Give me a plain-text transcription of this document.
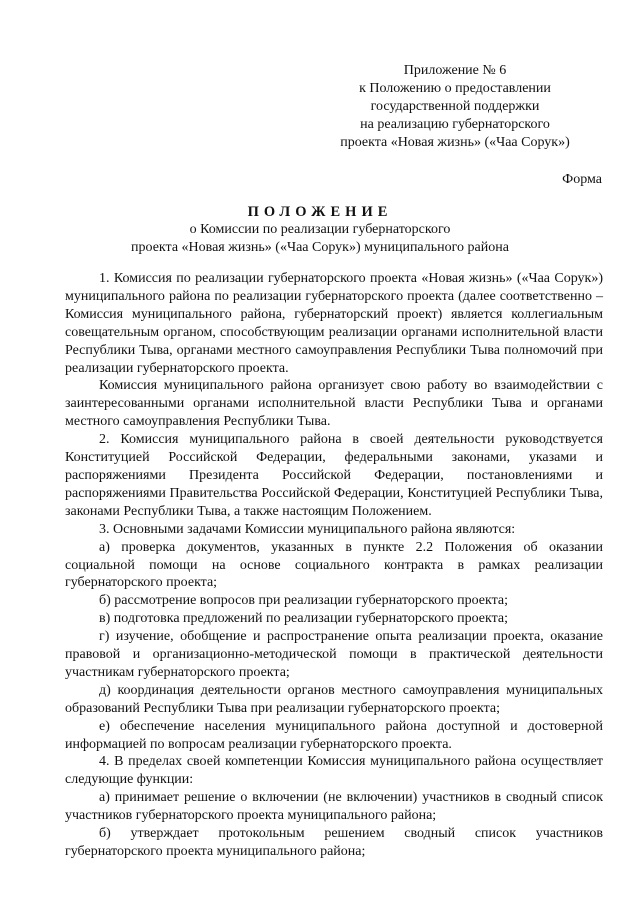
Приложение № 6
к Положению о предоставлении
государственной поддержки
на реализацию губернаторского
проекта «Новая жизнь» («Чаа Сорук»)
Форма
ПОЛОЖЕНИЕ
о Комиссии по реализации губернаторского
проекта «Новая жизнь» («Чаа Сорук») муниципального района

1. Комиссия по реализации губернаторского проекта «Новая жизнь» («Чаа Сорук») муниципального района по реализации губернаторского проекта (далее соответственно – Комиссия муниципального района, губернаторский проект) является коллегиальным совещательным органом, способствующим реализации органами исполнительной власти Республики Тыва, органами местного самоуправления Республики Тыва полномочий при реализации губернаторского проекта.

Комиссия муниципального района организует свою работу во взаимодействии с заинтересованными органами исполнительной власти Республики Тыва и органами местного самоуправления Республики Тыва.

2. Комиссия муниципального района в своей деятельности руководствуется Конституцией Российской Федерации, федеральными законами, указами и распоряжениями Президента Российской Федерации, постановлениями и распоряжениями Правительства Российской Федерации, Конституцией Республики Тыва, законами Республики Тыва, а также настоящим Положением.

3. Основными задачами Комиссии муниципального района являются:

а) проверка документов, указанных в пункте 2.2 Положения об оказании социальной помощи на основе социального контракта в рамках реализации губернаторского проекта;

б) рассмотрение вопросов при реализации губернаторского проекта;

в) подготовка предложений по реализации губернаторского проекта;

г) изучение, обобщение и распространение опыта реализации проекта, оказание правовой и организационно-методической помощи в практической деятельности участникам губернаторского проекта;

д) координация деятельности органов местного самоуправления муниципальных образований Республики Тыва при реализации губернаторского проекта;

е) обеспечение населения муниципального района доступной и достоверной информацией по вопросам реализации губернаторского проекта.

4. В пределах своей компетенции Комиссия муниципального района осуществляет следующие функции:

а) принимает решение о включении (не включении) участников в сводный список участников губернаторского проекта муниципального района;

б) утверждает протокольным решением сводный список участников губернаторского проекта муниципального района;
